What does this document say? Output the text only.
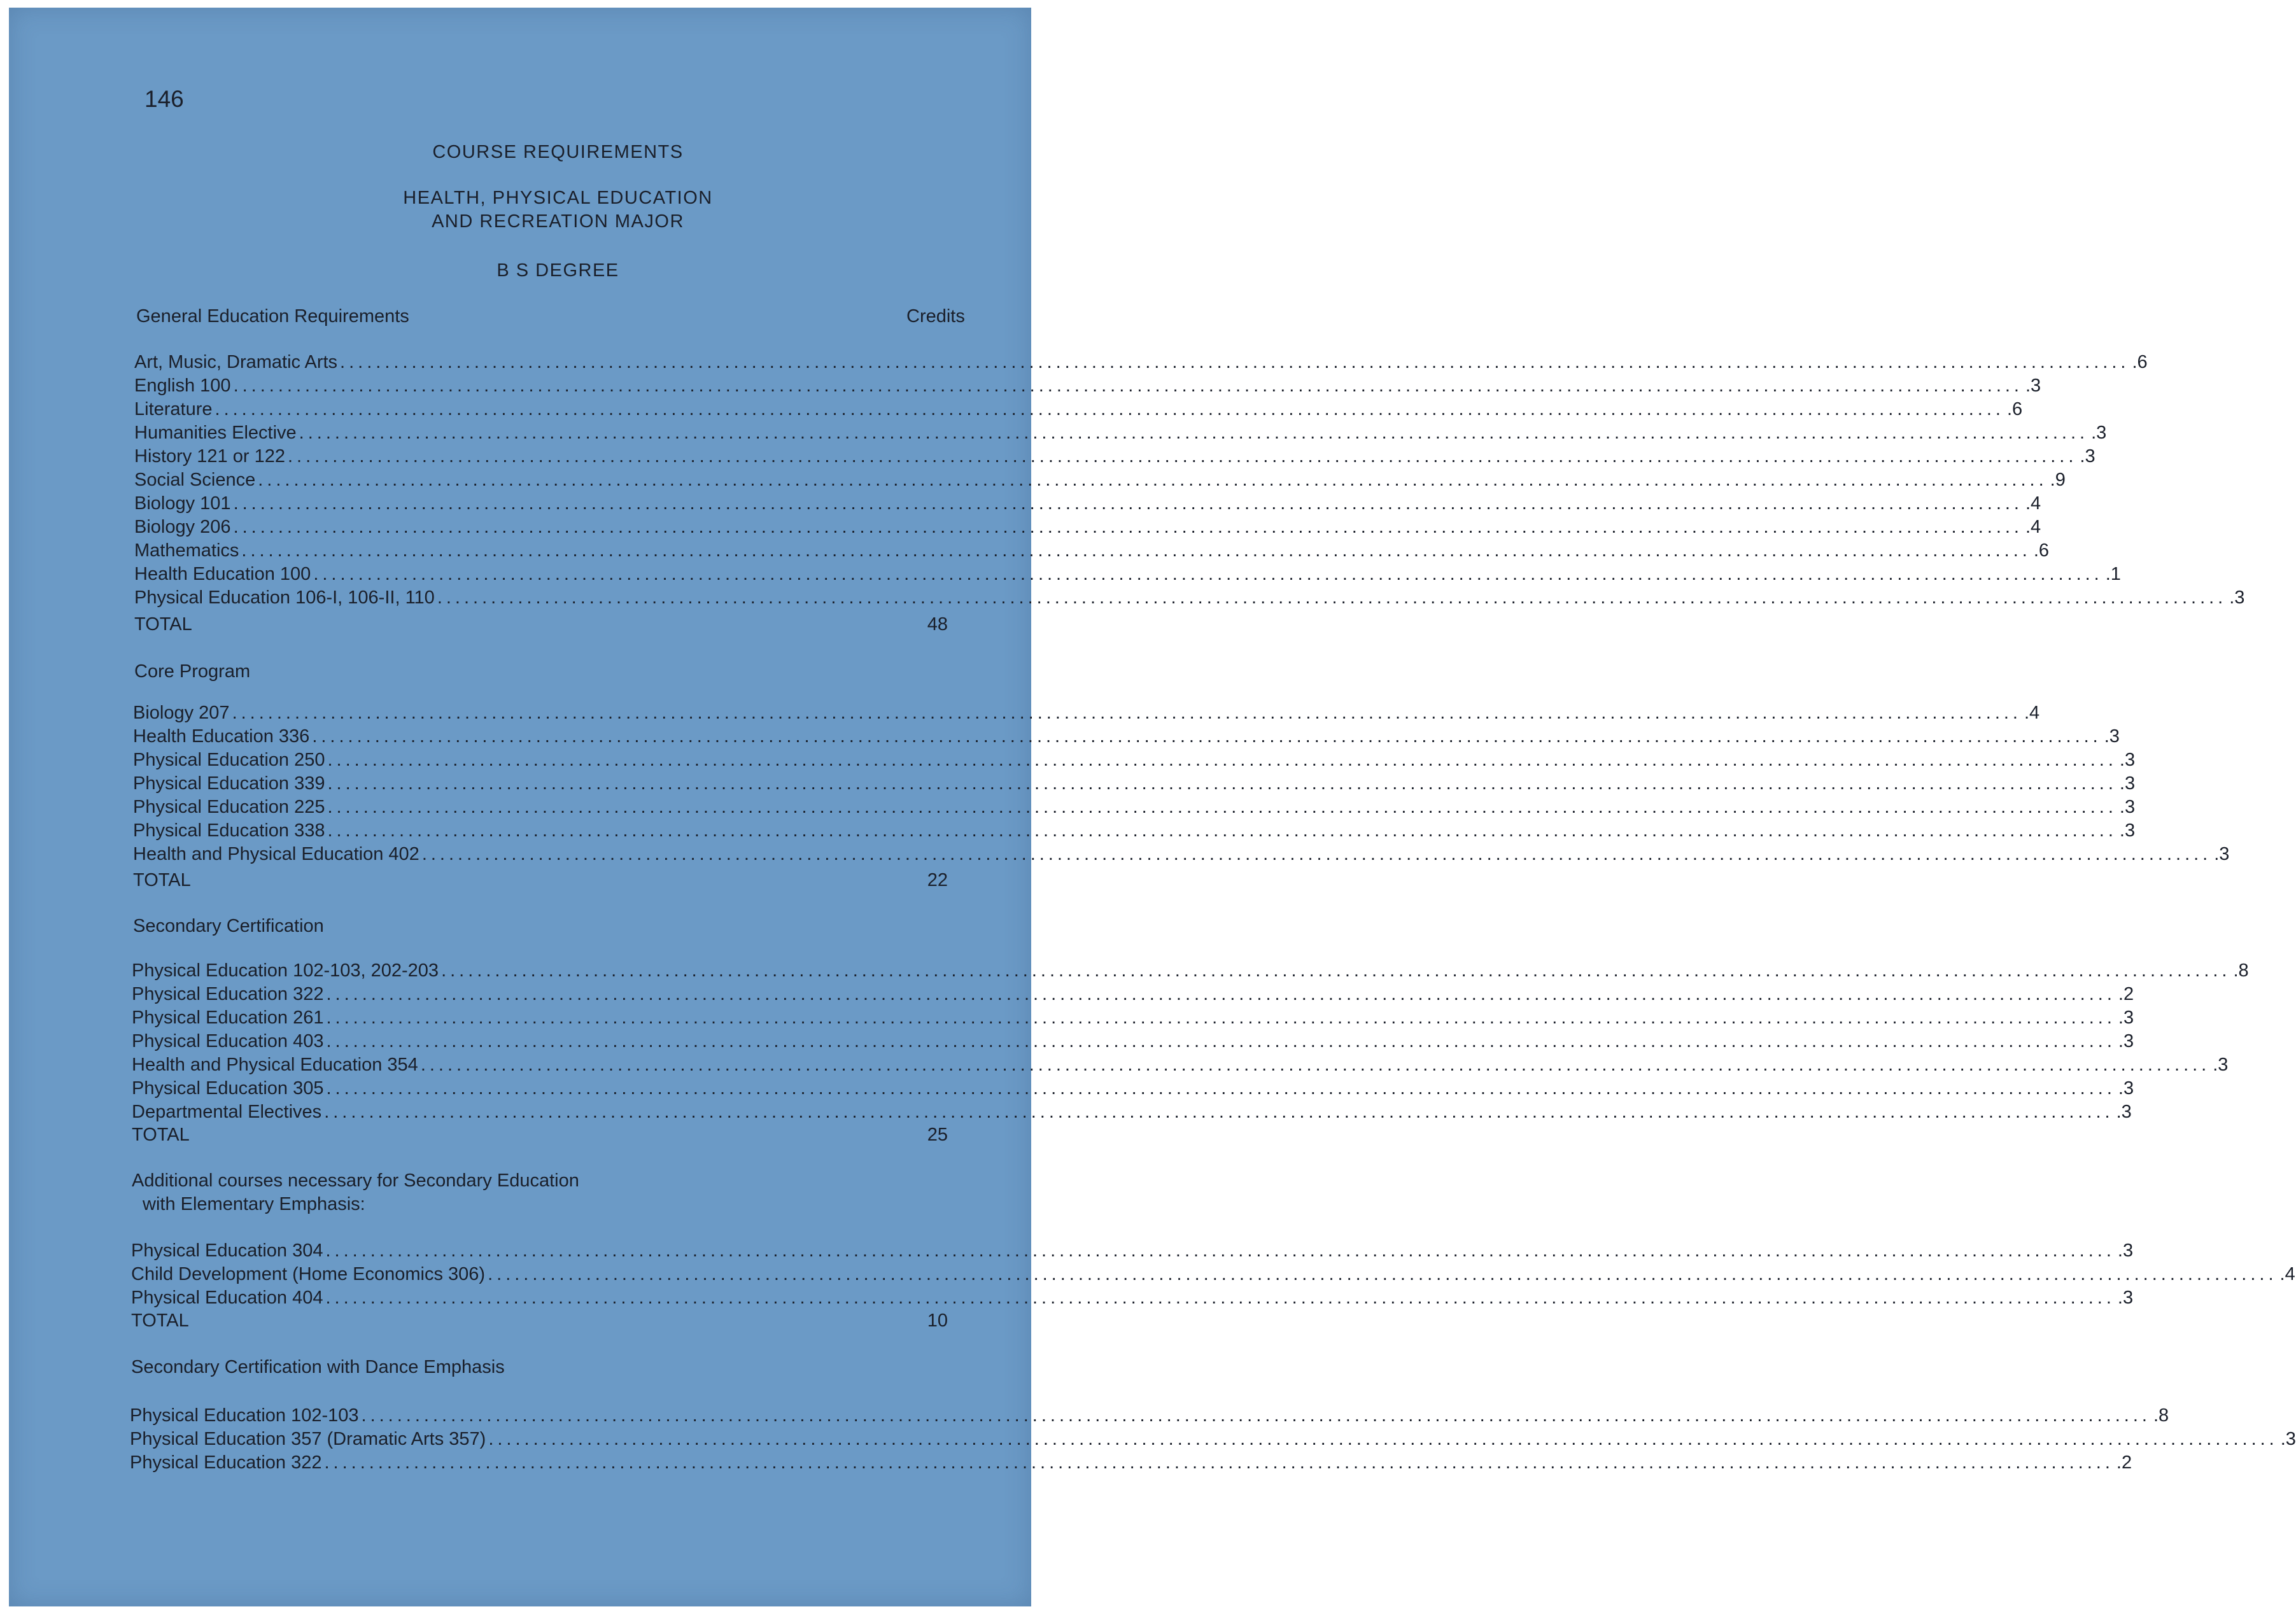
146
COURSE REQUIREMENTS
HEALTH, PHYSICAL EDUCATION
AND RECREATION MAJOR
B S DEGREE
Credits
General Education Requirements
Art, Music, Dramatic Arts ........................................................................................................................................................................................................ .6
English 100 ........................................................................................................................................................................................................ .3
Literature ........................................................................................................................................................................................................ .6
Humanities Elective ........................................................................................................................................................................................................ .3
History 121 or 122 ........................................................................................................................................................................................................ .3
Social Science ........................................................................................................................................................................................................ .9
Biology 101 ........................................................................................................................................................................................................ .4
Biology 206 ........................................................................................................................................................................................................ .4
Mathematics ........................................................................................................................................................................................................ .6
Health Education 100 ........................................................................................................................................................................................................ .1
Physical Education 106-I, 106-II, 110 ........................................................................................................................................................................................................ .3
TOTAL	48
Core Program
Biology 207 ........................................................................................................................................................................................................ .4
Health Education 336 ........................................................................................................................................................................................................ .3
Physical Education 250 ........................................................................................................................................................................................................ .3
Physical Education 339 ........................................................................................................................................................................................................ .3
Physical Education 225 ........................................................................................................................................................................................................ .3
Physical Education 338 ........................................................................................................................................................................................................ .3
Health and Physical Education 402 ........................................................................................................................................................................................................ .3
TOTAL	22
Secondary Certification
Physical Education 102-103, 202-203 ........................................................................................................................................................................................................ .8
Physical Education 322 ........................................................................................................................................................................................................ .2
Physical Education 261 ........................................................................................................................................................................................................ .3
Physical Education 403 ........................................................................................................................................................................................................ .3
Health and Physical Education 354 ........................................................................................................................................................................................................ .3
Physical Education 305 ........................................................................................................................................................................................................ .3
Departmental Electives ........................................................................................................................................................................................................ .3
TOTAL	25
Additional courses necessary for Secondary Education
with Elementary Emphasis:
Physical Education 304 ........................................................................................................................................................................................................ .3
Child Development (Home Economics 306) ........................................................................................................................................................................................................ .4
Physical Education 404 ........................................................................................................................................................................................................ .3
TOTAL	10
Secondary Certification with Dance Emphasis
Physical Education 102-103 ........................................................................................................................................................................................................ .8
Physical Education 357 (Dramatic Arts 357) ........................................................................................................................................................................................................ .3
Physical Education 322 ........................................................................................................................................................................................................ .2
